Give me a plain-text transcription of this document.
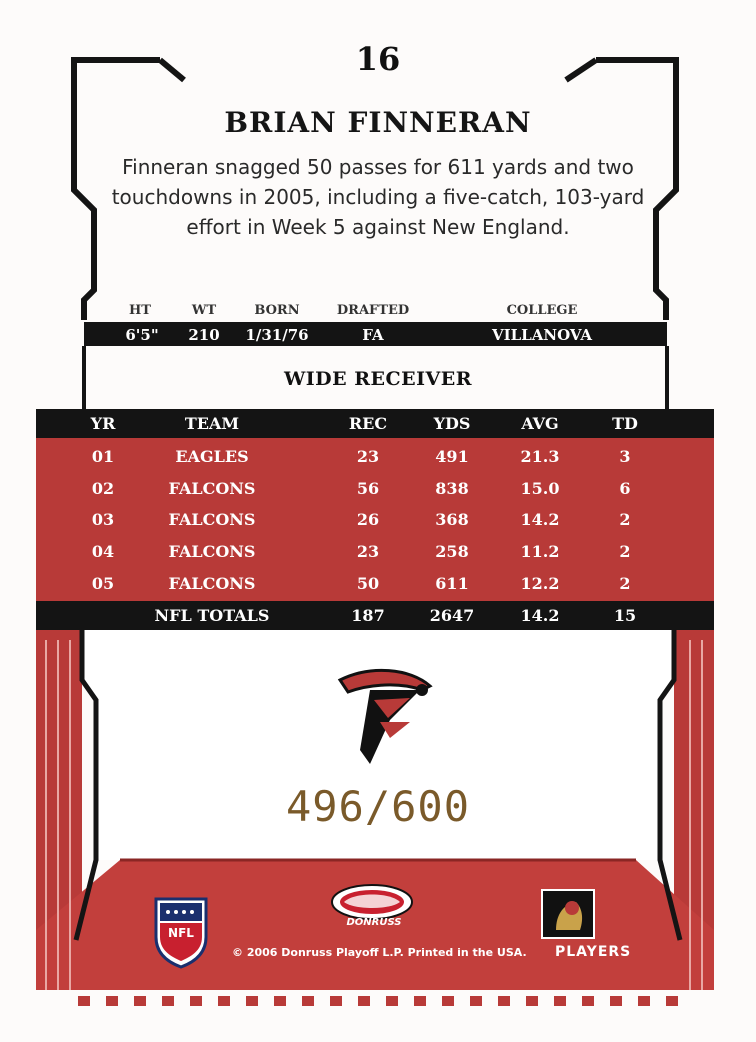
16
BRIAN FINNERAN
Finneran snagged 50 passes for 611 yards and two touchdowns in 2005, including a five-catch, 103-yard effort in Week 5 against New England.
HT	WT	BORN	DRAFTED	COLLEGE
6'5"	210	1/31/76	FA	VILLANOVA
WIDE RECEIVER
YR	TEAM	REC	YDS	AVG	TD
01	EAGLES	23	491	21.3	3
02	FALCONS	56	838	15.0	6
03	FALCONS	26	368	14.2	2
04	FALCONS	23	258	11.2	2
05	FALCONS	50	611	12.2	2
NFL TOTALS	187	2647	14.2	15
496/600
DONRUSS
© 2006 Donruss Playoff L.P. Printed in the USA. PLAYERS
NFL
